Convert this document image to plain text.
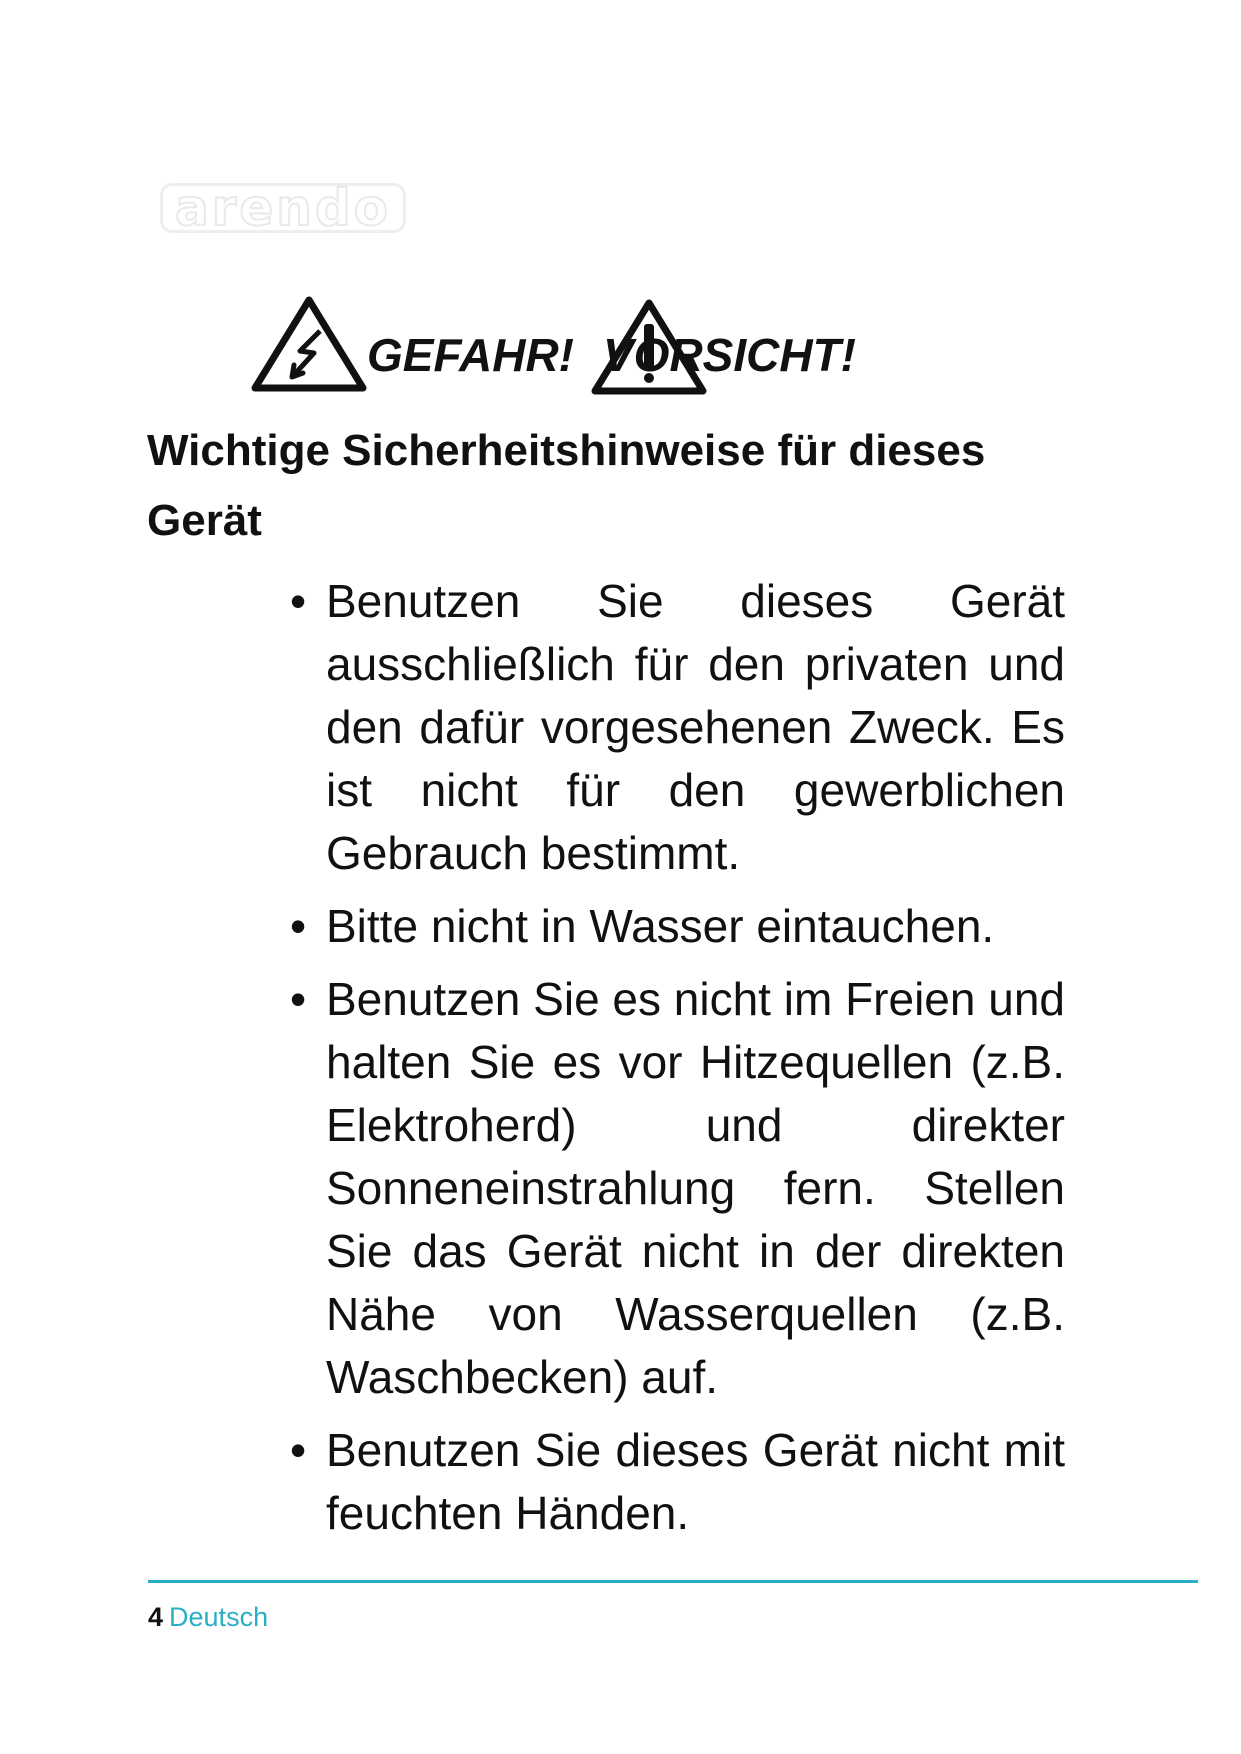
arendo
GEFAHR! VORSICHT!
Wichtige Sicherheitshinweise für dieses Gerät
• Benutzen Sie dieses Gerät ausschließlich für den privaten und den dafür vorgesehenen Zweck. Es ist nicht für den gewerblichen Gebrauch bestimmt.
• Bitte nicht in Wasser eintauchen.
• Benutzen Sie es nicht im Freien und halten Sie es vor Hitzequellen (z.B. Elektroherd) und direkter Sonneneinstrahlung fern. Stellen Sie das Gerät nicht in der direkten Nähe von Wasserquellen (z.B. Waschbecken) auf.
• Benutzen Sie dieses Gerät nicht mit feuchten Händen.
4 Deutsch
